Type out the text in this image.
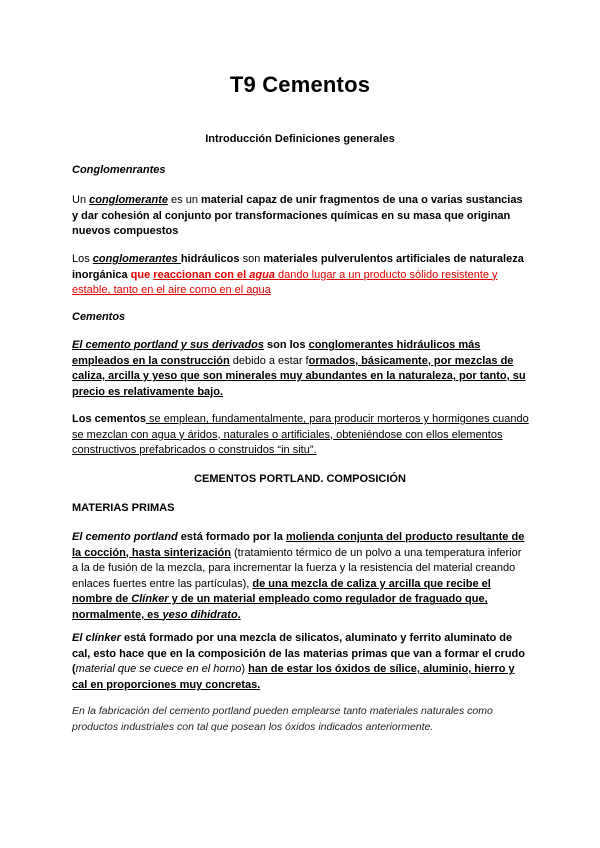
T9 Cementos
Introducción Definiciones generales
Conglomenrantes
Un conglomerante es un material capaz de unir fragmentos de una o varias sustancias y dar cohesión al conjunto por transformaciones químicas en su masa que originan nuevos compuestos
Los conglomerantes hidráulicos son materiales pulverulentos artificiales de naturaleza inorgánica que reaccionan con el agua dando lugar a un producto sólido resistente y estable, tanto en el aire como en el agua
Cementos
El cemento portland y sus derivados son los conglomerantes hidráulicos más empleados en la construcción debido a estar formados, básicamente, por mezclas de caliza, arcilla y yeso que son minerales muy abundantes en la naturaleza, por tanto, su precio es relativamente bajo.
Los cementos se emplean, fundamentalmente, para producir morteros y hormigones cuando se mezclan con agua y áridos, naturales o artificiales, obteniéndose con ellos elementos constructivos prefabricados o construidos “in situ”.
CEMENTOS PORTLAND. COMPOSICIÓN
MATERIAS PRIMAS
El cemento portland está formado por la molienda conjunta del producto resultante de la cocción, hasta sinterización (tratamiento térmico de un polvo a una temperatura inferior a la de fusión de la mezcla, para incrementar la fuerza y la resistencia del material creando enlaces fuertes entre las partículas), de una mezcla de caliza y arcilla que recibe el nombre de Clínker y de un material empleado como regulador de fraguado que, normalmente, es yeso dihidrato.
El clínker está formado por una mezcla de silicatos, aluminato y ferrito aluminato de cal, esto hace que en la composición de las materias primas que van a formar el crudo (material que se cuece en el horno) han de estar los óxidos de sílice, aluminio, hierro y cal en proporciones muy concretas.
En la fabricación del cemento portland pueden emplearse tanto materiales naturales como productos industriales con tal que posean los óxidos indicados anteriormente.
